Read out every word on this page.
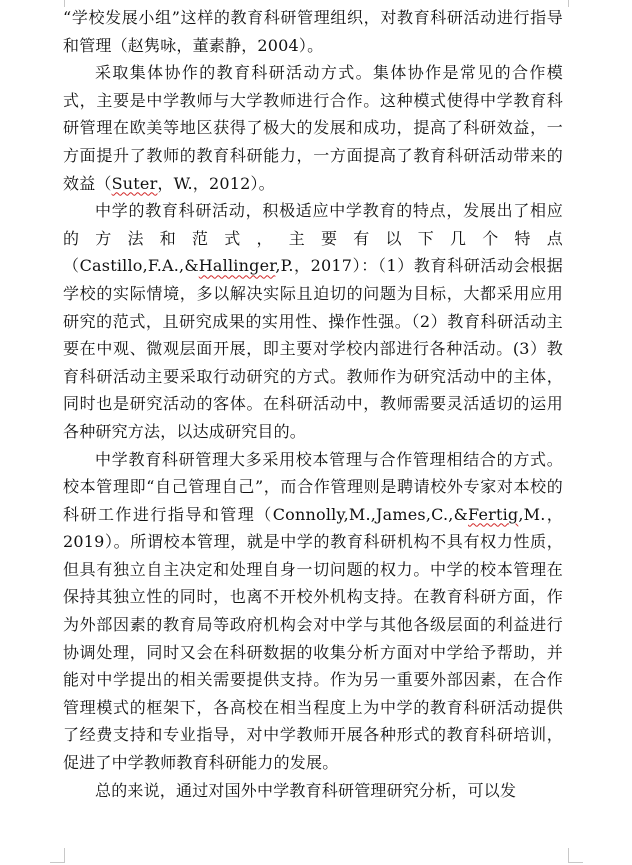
“学校发展小组”这样的教育科研管理组织，对教育科研活动进行指导和管理（赵隽咏，董素静，2004）。

采取集体协作的教育科研活动方式。集体协作是常见的合作模式，主要是中学教师与大学教师进行合作。这种模式使得中学教育科研管理在欧美等地区获得了极大的发展和成功，提高了科研效益，一方面提升了教师的教育科研能力，一方面提高了教育科研活动带来的效益（Suter，W.，2012）。

中学的教育科研活动，积极适应中学教育的特点，发展出了相应的方法和范式，主要有以下几个特点（Castillo,F.A.,&Hallinger,P.，2017）：（1）教育科研活动会根据学校的实际情境，多以解决实际且迫切的问题为目标，大都采用应用研究的范式，且研究成果的实用性、操作性强。（2）教育科研活动主要在中观、微观层面开展，即主要对学校内部进行各种活动。(3）教育科研活动主要采取行动研究的方式。教师作为研究活动中的主体，同时也是研究活动的客体。在科研活动中，教师需要灵活适切的运用各种研究方法，以达成研究目的。

中学教育科研管理大多采用校本管理与合作管理相结合的方式。校本管理即“自己管理自己”，而合作管理则是聘请校外专家对本校的科研工作进行指导和管理（Connolly,M.,James,C.,&Fertig,M.，2019）。所谓校本管理，就是中学的教育科研机构不具有权力性质，但具有独立自主决定和处理自身一切问题的权力。中学的校本管理在保持其独立性的同时，也离不开校外机构支持。在教育科研方面，作为外部因素的教育局等政府机构会对中学与其他各级层面的利益进行协调处理，同时又会在科研数据的收集分析方面对中学给予帮助，并能对中学提出的相关需要提供支持。作为另一重要外部因素，在合作管理模式的框架下，各高校在相当程度上为中学的教育科研活动提供了经费支持和专业指导，对中学教师开展各种形式的教育科研培训，促进了中学教师教育科研能力的发展。

总的来说，通过对国外中学教育科研管理研究分析，可以发
